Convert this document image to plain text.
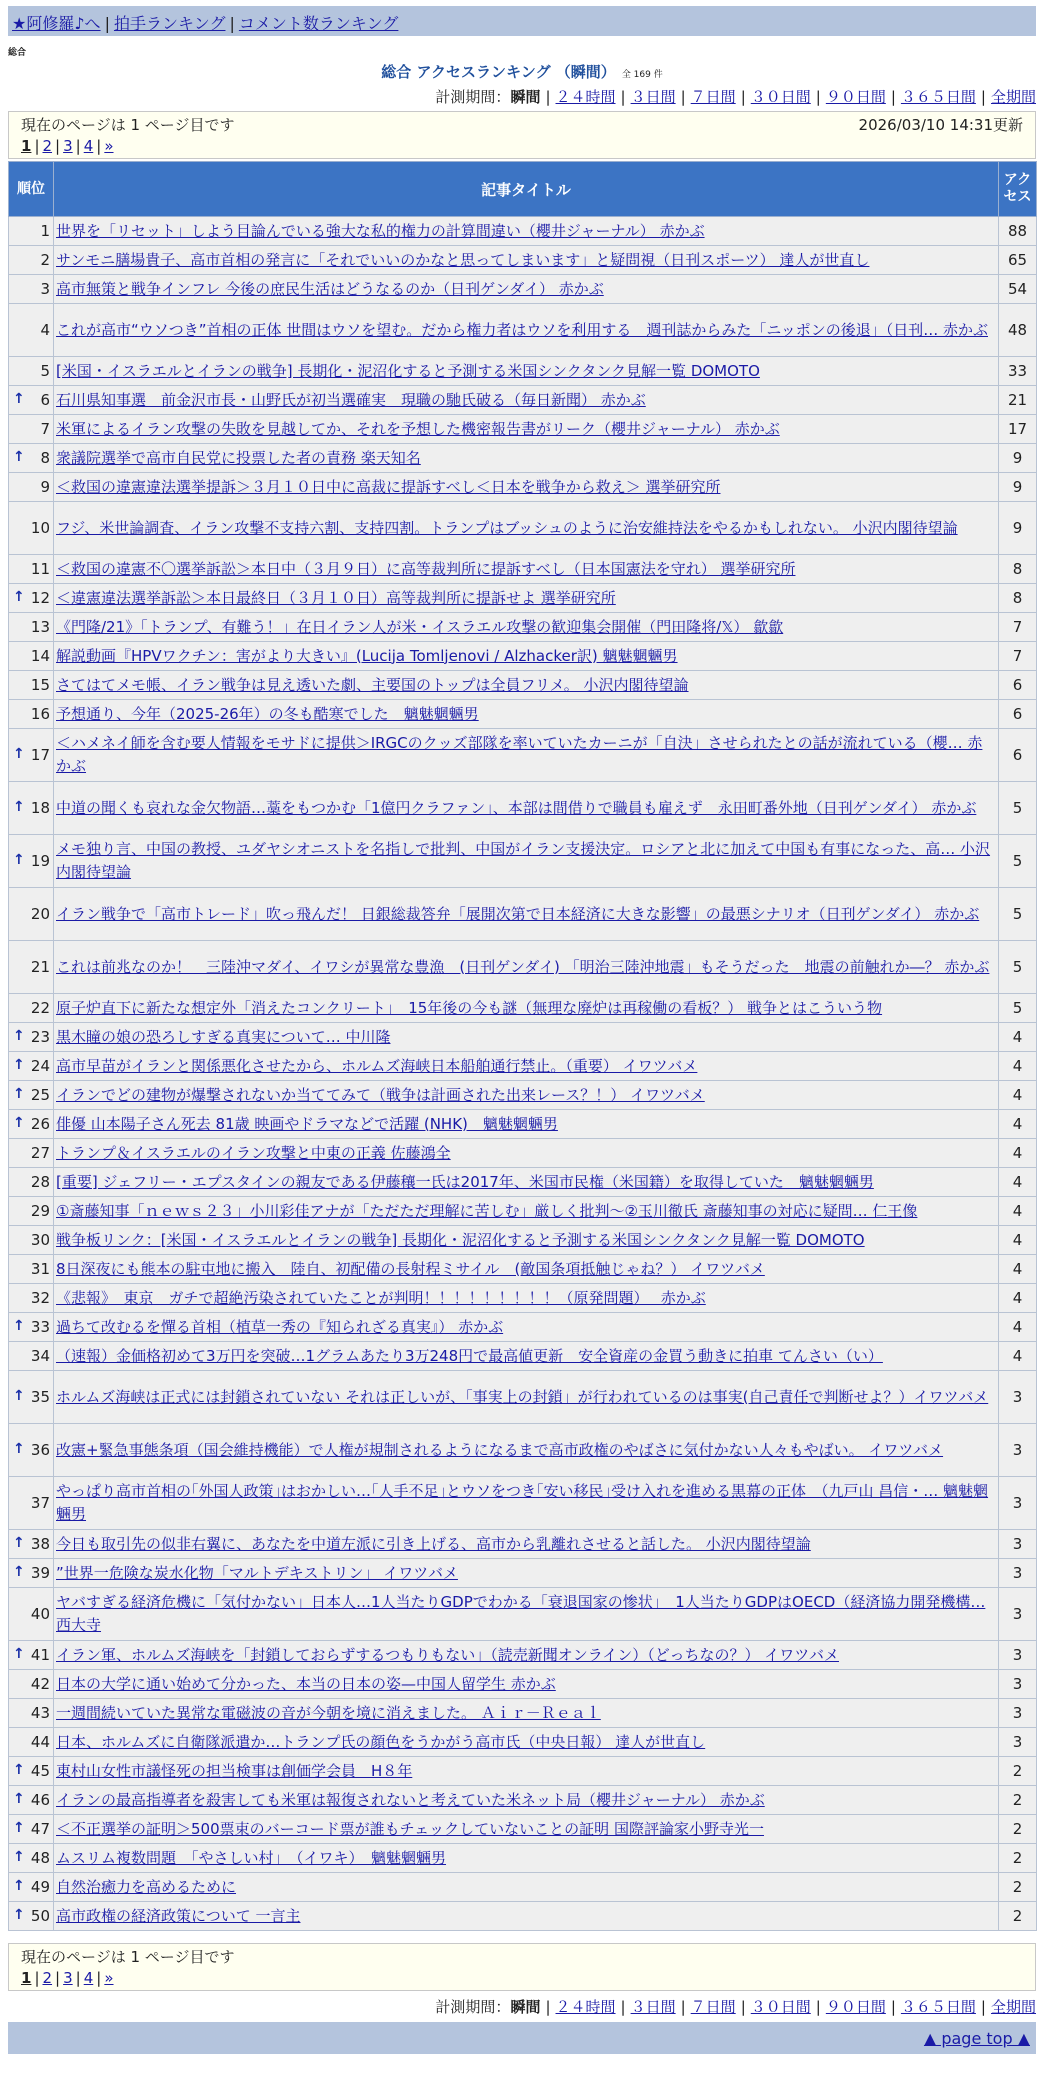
★阿修羅♪へ | 拍手ランキング | コメント数ランキング
総合
総合 アクセスランキング （瞬間） 全 169 件
計測期間：瞬間 | ２４時間 | ３日間 | ７日間 | ３０日間 | ９０日間 | ３６５日間 | 全期間
現在のページは 1 ページ目です	2026/03/10 14:31更新
1 | 2 | 3 | 4 | »
順位	記事タイトル	アクセス
1	世界を「リセット」しよう目論んでいる強大な私的権力の計算間違い（櫻井ジャーナル） 赤かぶ	88
2	サンモニ膳場貴子、高市首相の発言に「それでいいのかなと思ってしまいます」と疑問視（日刊スポーツ） 達人が世直し	65
3	高市無策と戦争インフレ 今後の庶民生活はどうなるのか（日刊ゲンダイ） 赤かぶ	54
4	これが高市“ウソつき”首相の正体 世間はウソを望む。だから権力者はウソを利用する　週刊誌からみた「ニッポンの後退」（日刊… 赤かぶ	48
5	[米国・イスラエルとイランの戦争] 長期化・泥沼化すると予測する米国シンクタンク見解一覧 DOMOTO	33

↑ 6	石川県知事選　前金沢市長・山野氏が初当選確実　現職の馳氏破る（毎日新聞） 赤かぶ	21
7	米軍によるイラン攻撃の失敗を見越してか、それを予想した機密報告書がリーク（櫻井ジャーナル） 赤かぶ	17

↑ 8	衆議院選挙で高市自民党に投票した者の責務 楽天知名	9
9	＜救国の違憲違法選挙提訴＞３月１０日中に高裁に提訴すべし＜日本を戦争から救え＞ 選挙研究所	9
10	フジ、米世論調査、イラン攻撃不支持六割、支持四割。トランプはブッシュのように治安維持法をやるかもしれない。 小沢内閣待望論	9
11	＜救国の違憲不〇選挙訴訟＞本日中（３月９日）に高等裁判所に提訴すべし（日本国憲法を守れ） 選挙研究所	8

↑ 12	＜違憲違法選挙訴訟＞本日最終日（３月１０日）高等裁判所に提訴せよ 選挙研究所	8
13	《門隆/21》「トランプ、有難う！」在日イラン人が米・イスラエル攻撃の歓迎集会開催（門田隆将/𝕏） 歙歙	7
14	解説動画『HPVワクチン：害がより大きい』(Lucija Tomljenovi / Alzhacker訳) 魑魅魍魎男	7
15	さてはてメモ帳、イラン戦争は見え透いた劇、主要国のトップは全員フリメ。 小沢内閣待望論	6
16	予想通り、今年（2025-26年）の冬も酷寒でした　魑魅魍魎男	6

↑ 17	＜ハメネイ師を含む要人情報をモサドに提供＞IRGCのクッズ部隊を率いていたカーニが「自決」させられたとの話が流れている（櫻… 赤かぶ	6

↑ 18	中道の聞くも哀れな金欠物語…藁をもつかむ「1億円クラファン」、本部は間借りで職員も雇えず　永田町番外地（日刊ゲンダイ） 赤かぶ	5

↑ 19	メモ独り言、中国の教授、ユダヤシオニストを名指しで批判、中国がイラン支援決定。ロシアと北に加えて中国も有事になった、高… 小沢内閣待望論	5
20	イラン戦争で「高市トレード」吹っ飛んだ！ 日銀総裁答弁「展開次第で日本経済に大きな影響」の最悪シナリオ（日刊ゲンダイ） 赤かぶ	5
21	これは前兆なのか！　三陸沖マダイ、イワシが異常な豊漁　(日刊ゲンダイ) 「明治三陸沖地震」もそうだった　地震の前触れか―？ 赤かぶ	5
22	原子炉直下に新たな想定外「消えたコンクリート」　15年後の今も謎（無理な廃炉は再稼働の看板？） 戦争とはこういう物	5

↑ 23	黒木瞳の娘の恐ろしすぎる真実について… 中川隆	4

↑ 24	高市早苗がイランと関係悪化させたから、ホルムズ海峡日本船舶通行禁止。（重要） イワツバメ	4

↑ 25	イランでどの建物が爆撃されないか当ててみて（戦争は計画された出来レース？！） イワツバメ	4

↑ 26	俳優 山本陽子さん死去 81歳 映画やドラマなどで活躍 (NHK)　魑魅魍魎男	4
27	トランプ＆イスラエルのイラン攻撃と中東の正義 佐藤鴻全	4
28	[重要] ジェフリー・エプスタインの親友である伊藤穰一氏は2017年、米国市民権（米国籍）を取得していた　魑魅魍魎男	4
29	①斎藤知事「ｎｅｗｓ２３」小川彩佳アナが「ただただ理解に苦しむ」厳しく批判～②玉川徹氏 斎藤知事の対応に疑問… 仁王像	4
30	戦争板リンク：[米国・イスラエルとイランの戦争] 長期化・泥沼化すると予測する米国シンクタンク見解一覧 DOMOTO	4
31	8日深夜にも熊本の駐屯地に搬入　陸自、初配備の長射程ミサイル　(敵国条項抵触じゃね？） イワツバメ	4
32	《悲報》　東京　ガチで超絶汚染されていたことが判明！！！！！！！！！（原発問題）　 赤かぶ	4

↑ 33	過ちて改むるを憚る首相（植草一秀の『知られざる真実』） 赤かぶ	4
34	（速報）金価格初めて3万円を突破…1グラムあたり3万248円で最高値更新　安全資産の金買う動きに拍車 てんさい（い）	4

↑ 35	ホルムズ海峡は正式には封鎖されていない それは正しいが、「事実上の封鎖」が行われているのは事実(自己責任で判断せよ？）イワツバメ	3

↑ 36	改憲+緊急事態条項（国会維持機能）で人権が規制されるようになるまで高市政権のやばさに気付かない人々もやばい。 イワツバメ	3
37	やっぱり高市首相の｢外国人政策｣はおかしい…｢人手不足｣とウソをつき｢安い移民｣受け入れを進める黒幕の正体　（九戸山 昌信・… 魑魅魍魎男	3

↑ 38	今日も取引先の似非右翼に、あなたを中道左派に引き上げる、高市から乳離れさせると話した。 小沢内閣待望論	3

↑ 39	”世界一危険な炭水化物「マルトデキストリン」 イワツバメ	3
40	ヤバすぎる経済危機に「気付かない」日本人…1人当たりGDPでわかる「衰退国家の惨状」　1人当たりGDPはOECD（経済協力開発機構… 西大寺	3

↑ 41	イラン軍、ホルムズ海峡を「封鎖しておらずするつもりもない」（読売新聞オンライン）（どっちなの？） イワツバメ	3
42	日本の大学に通い始めて分かった、本当の日本の姿—中国人留学生 赤かぶ	3
43	一週間続いていた異常な電磁波の音が今朝を境に消えました。 Ａｉｒ－Ｒｅａｌ	3
44	日本、ホルムズに自衛隊派遣か…トランプ氏の顔色をうかがう高市氏（中央日報） 達人が世直し	3

↑ 45	東村山女性市議怪死の担当検事は創価学会員　H８年	2

↑ 46	イランの最高指導者を殺害しても米軍は報復されないと考えていた米ネット局（櫻井ジャーナル） 赤かぶ	2

↑ 47	＜不正選挙の証明＞500票束のバーコード票が誰もチェックしていないことの証明 国際評論家小野寺光一	2

↑ 48	ムスリム複数問題　「やさしい村」　（イワキ）　魑魅魍魎男	2

↑ 49	自然治癒力を高めるために	2

↑ 50	高市政権の経済政策について 一言主	2
現在のページは 1 ページ目です
1 | 2 | 3 | 4 | »
計測期間：瞬間 | ２４時間 | ３日間 | ７日間 | ３０日間 | ９０日間 | ３６５日間 | 全期間
▲ page top ▲
